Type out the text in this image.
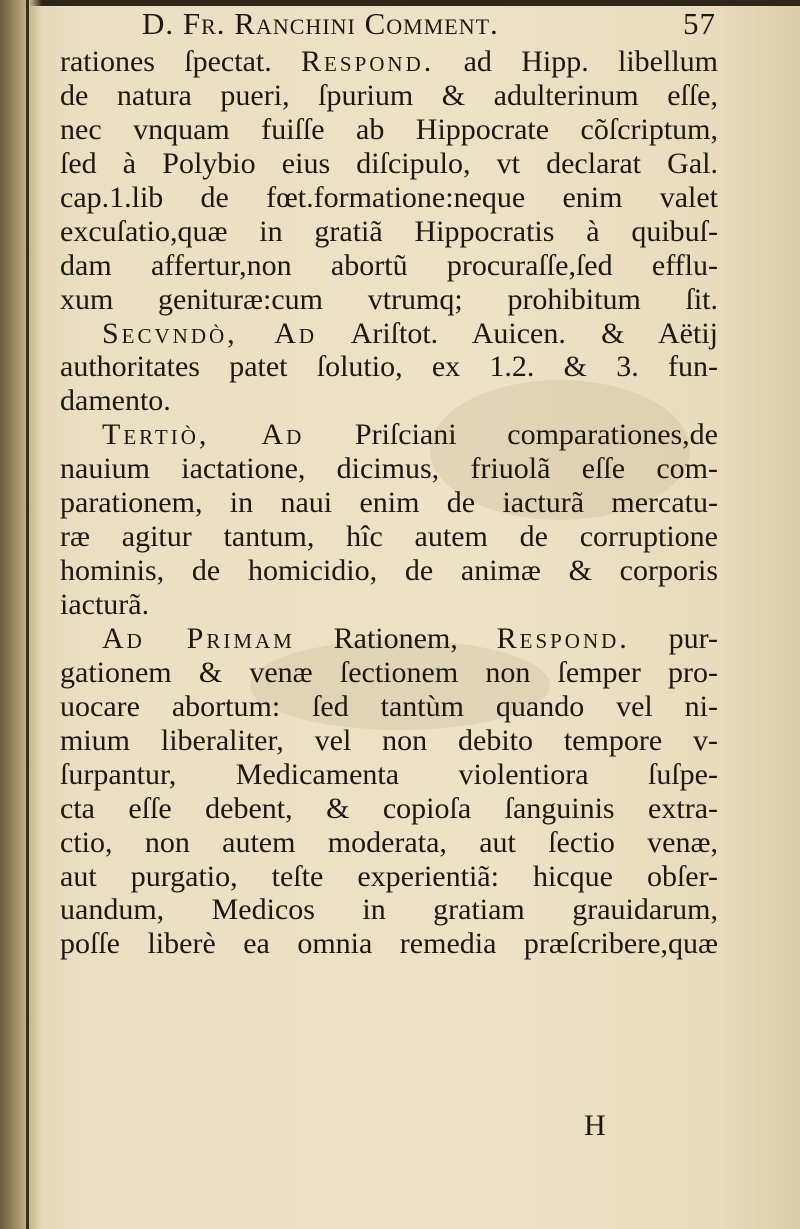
D. Fr. Ranchini Comment.	57
rationes ſpectat. Respond. ad Hipp. libellum
de natura pueri, ſpurium & adulterinum eſſe,
nec vnquam fuiſſe ab Hippocrate cõſcriptum,
ſed à Polybio eius diſcipulo, vt declarat Gal.
cap.1.lib de fœt.formatione:neque enim valet
excuſatio,quæ in gratiã Hippocratis à quibuſ-
dam affertur,non abortũ procuraſſe,ſed efflu-
xum genituræ:cum vtrumq; prohibitum ſit.
Secvndò, Ad Ariſtot. Auicen. & Aëtij
authoritates patet ſolutio, ex 1.2. & 3. fun-
damento.
Tertiò, Ad Priſciani comparationes,de
nauium iactatione, dicimus, friuolã eſſe com-
parationem, in naui enim de iacturã mercatu-
ræ agitur tantum, hîc autem de corruptione
hominis, de homicidio, de animæ & corporis
iacturã.
Ad Primam Rationem, Respond. pur-
gationem & venæ ſectionem non ſemper pro-
uocare abortum: ſed tantùm quando vel ni-
mium liberaliter, vel non debito tempore v-
ſurpantur, Medicamenta violentiora ſuſpe-
cta eſſe debent, & copioſa ſanguinis extra-
ctio, non autem moderata, aut ſectio venæ,
aut purgatio, teſte experientiã: hicque obſer-
uandum, Medicos in gratiam grauidarum,
poſſe liberè ea omnia remedia præſcribere,quæ
H
